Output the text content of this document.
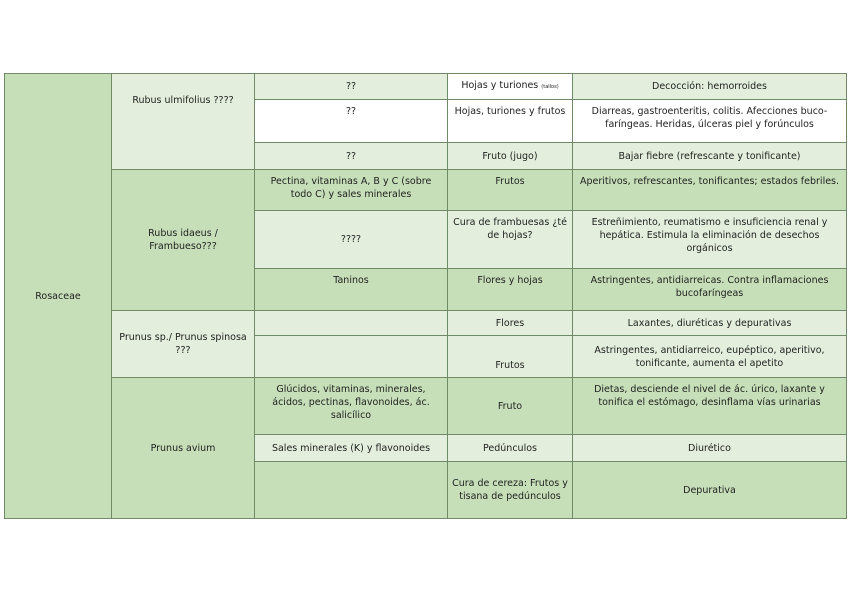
Rosaceae	Rubus ulmifolius ????	??	Hojas y turiones (tallos)	Decocción: hemorroides
		??	Hojas, turiones y frutos	Diarreas, gastroenteritis, colitis. Afecciones buco-faríngeas. Heridas, úlceras piel y forúnculos
		??	Fruto (jugo)	Bajar fiebre (refrescante y tonificante)
	Rubus idaeus / Frambueso???	Pectina, vitaminas A, B y C (sobre todo C) y sales minerales	Frutos	Aperitivos, refrescantes, tonificantes; estados febriles.
		????	Cura de frambuesas ¿té de hojas?	Estreñimiento, reumatismo e insuficiencia renal y hepática. Estimula la eliminación de desechos orgánicos
		Taninos	Flores y hojas	Astringentes, antidiarreicas. Contra inflamaciones bucofaríngeas
	Prunus sp./ Prunus spinosa ???		Flores	Laxantes, diuréticas y depurativas
			Frutos	Astringentes, antidiarreico, eupéptico, aperitivo, tonificante, aumenta el apetito
	Prunus avium	Glúcidos, vitaminas, minerales, ácidos, pectinas, flavonoides, ác. salicílico	Fruto	Dietas, desciende el nivel de ác. úrico, laxante y tonifica el estómago, desinflama vías urinarias
		Sales minerales (K) y flavonoides	Pedúnculos	Diurético
			Cura de cereza: Frutos y tisana de pedúnculos	Depurativa
